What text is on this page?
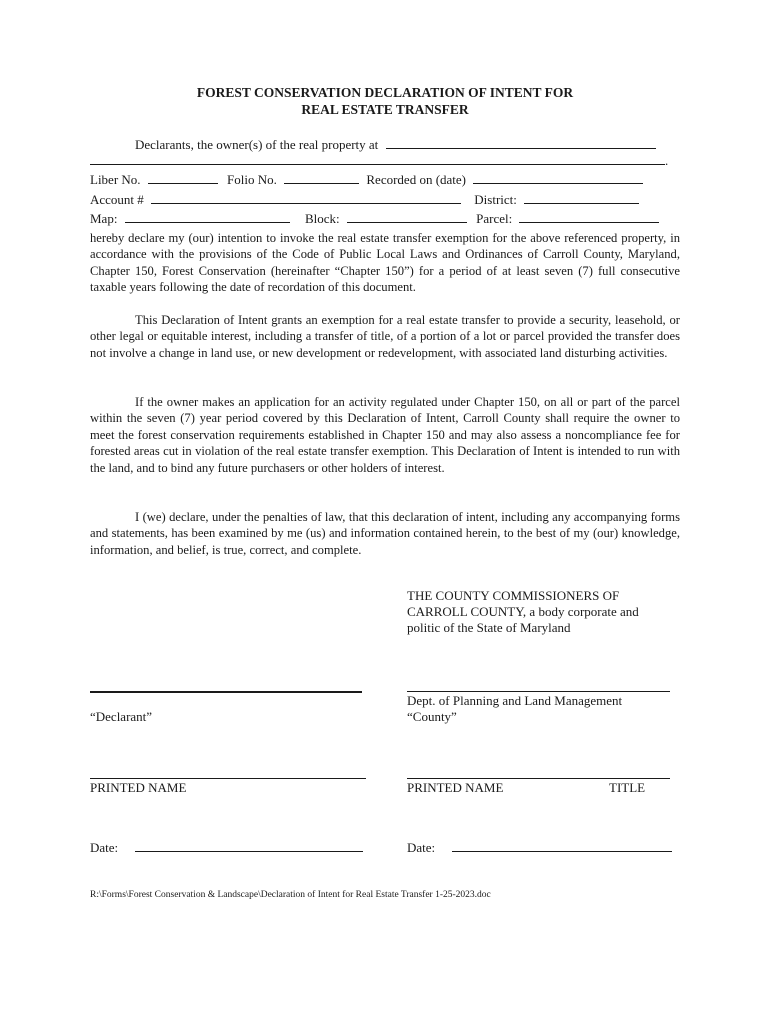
FOREST CONSERVATION DECLARATION OF INTENT FOR
REAL ESTATE TRANSFER
Declarants, the owner(s) of the real property at
.
Liber No.	Folio No.	Recorded on (date)
Account #	District:
Map:	Block:	Parcel:
hereby declare my (our) intention to invoke the real estate transfer exemption for the above referenced property, in accordance with the provisions of the Code of Public Local Laws and Ordinances of Carroll County, Maryland, Chapter 150, Forest Conservation (hereinafter “Chapter 150”) for a period of at least seven (7) full consecutive taxable years following the date of recordation of this document.
This Declaration of Intent grants an exemption for a real estate transfer to provide a security, leasehold, or other legal or equitable interest, including a transfer of title, of a portion of a lot or parcel provided the transfer does not involve a change in land use, or new development or redevelopment, with associated land disturbing activities.
If the owner makes an application for an activity regulated under Chapter 150, on all or part of the parcel within the seven (7) year period covered by this Declaration of Intent, Carroll County shall require the owner to meet the forest conservation requirements established in Chapter 150 and may also assess a noncompliance fee for forested areas cut in violation of the real estate transfer exemption. This Declaration of Intent is intended to run with the land, and to bind any future purchasers or other holders of interest.
I (we) declare, under the penalties of law, that this declaration of intent, including any accompanying forms and statements, has been examined by me (us) and information contained herein, to the best of my (our) knowledge, information, and belief, is true, correct, and complete.
THE COUNTY COMMISSIONERS OF
CARROLL COUNTY, a body corporate and
politic of the State of Maryland
Dept. of Planning and Land Management
“Declarant”	“County”
PRINTED NAME	PRINTED NAME	TITLE
Date:	Date:
R:\Forms\Forest Conservation & Landscape\Declaration of Intent for Real Estate Transfer 1-25-2023.doc
